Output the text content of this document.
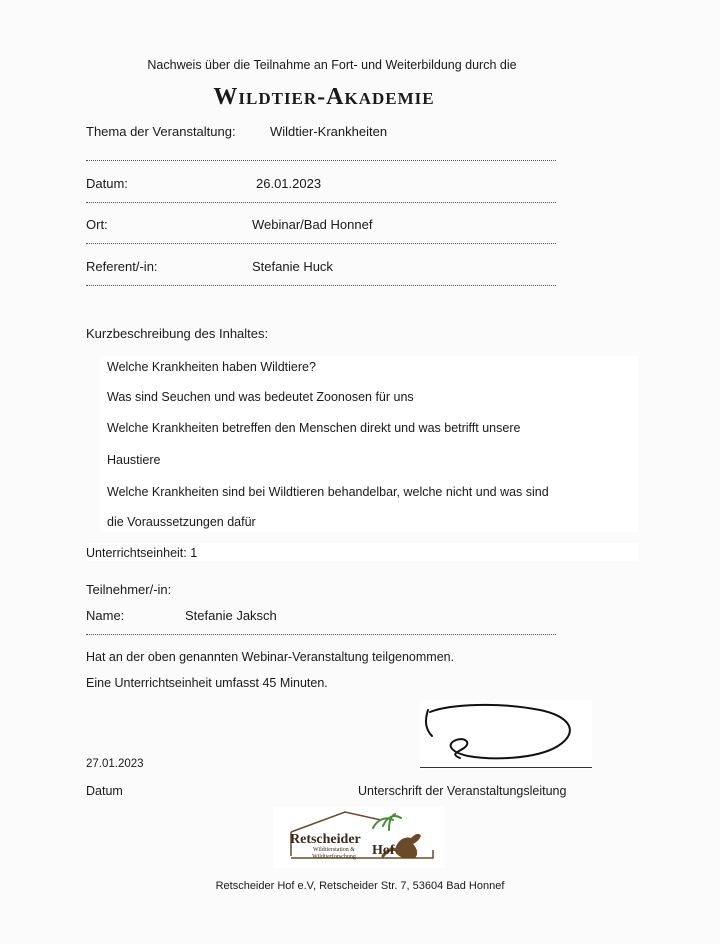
Nachweis über die Teilnahme an Fort- und Weiterbildung durch die
Wildtier-Akademie
Thema der Veranstaltung:	Wildtier-Krankheiten
Datum:	26.01.2023
Ort:	Webinar/Bad Honnef
Referent/-in:	Stefanie Huck
Kurzbeschreibung des Inhaltes:
Welche Krankheiten haben Wildtiere?
Was sind Seuchen und was bedeutet Zoonosen für uns
Welche Krankheiten betreffen den Menschen direkt und was betrifft unsere
Haustiere
Welche Krankheiten sind bei Wildtieren behandelbar, welche nicht und was sind
die Voraussetzungen dafür
Unterrichtseinheit: 1
Teilnehmer/-in:
Name:	Stefanie Jaksch
Hat an der oben genannten Webinar-Veranstaltung teilgenommen.
Eine Unterrichtseinheit umfasst 45 Minuten.
27.01.2023
Datum	Unterschrift der Veranstaltungsleitung
Retscheider
Hof
Wildtierstation & Wildtierforschung
Retscheider Hof e.V, Retscheider Str. 7, 53604 Bad Honnef
